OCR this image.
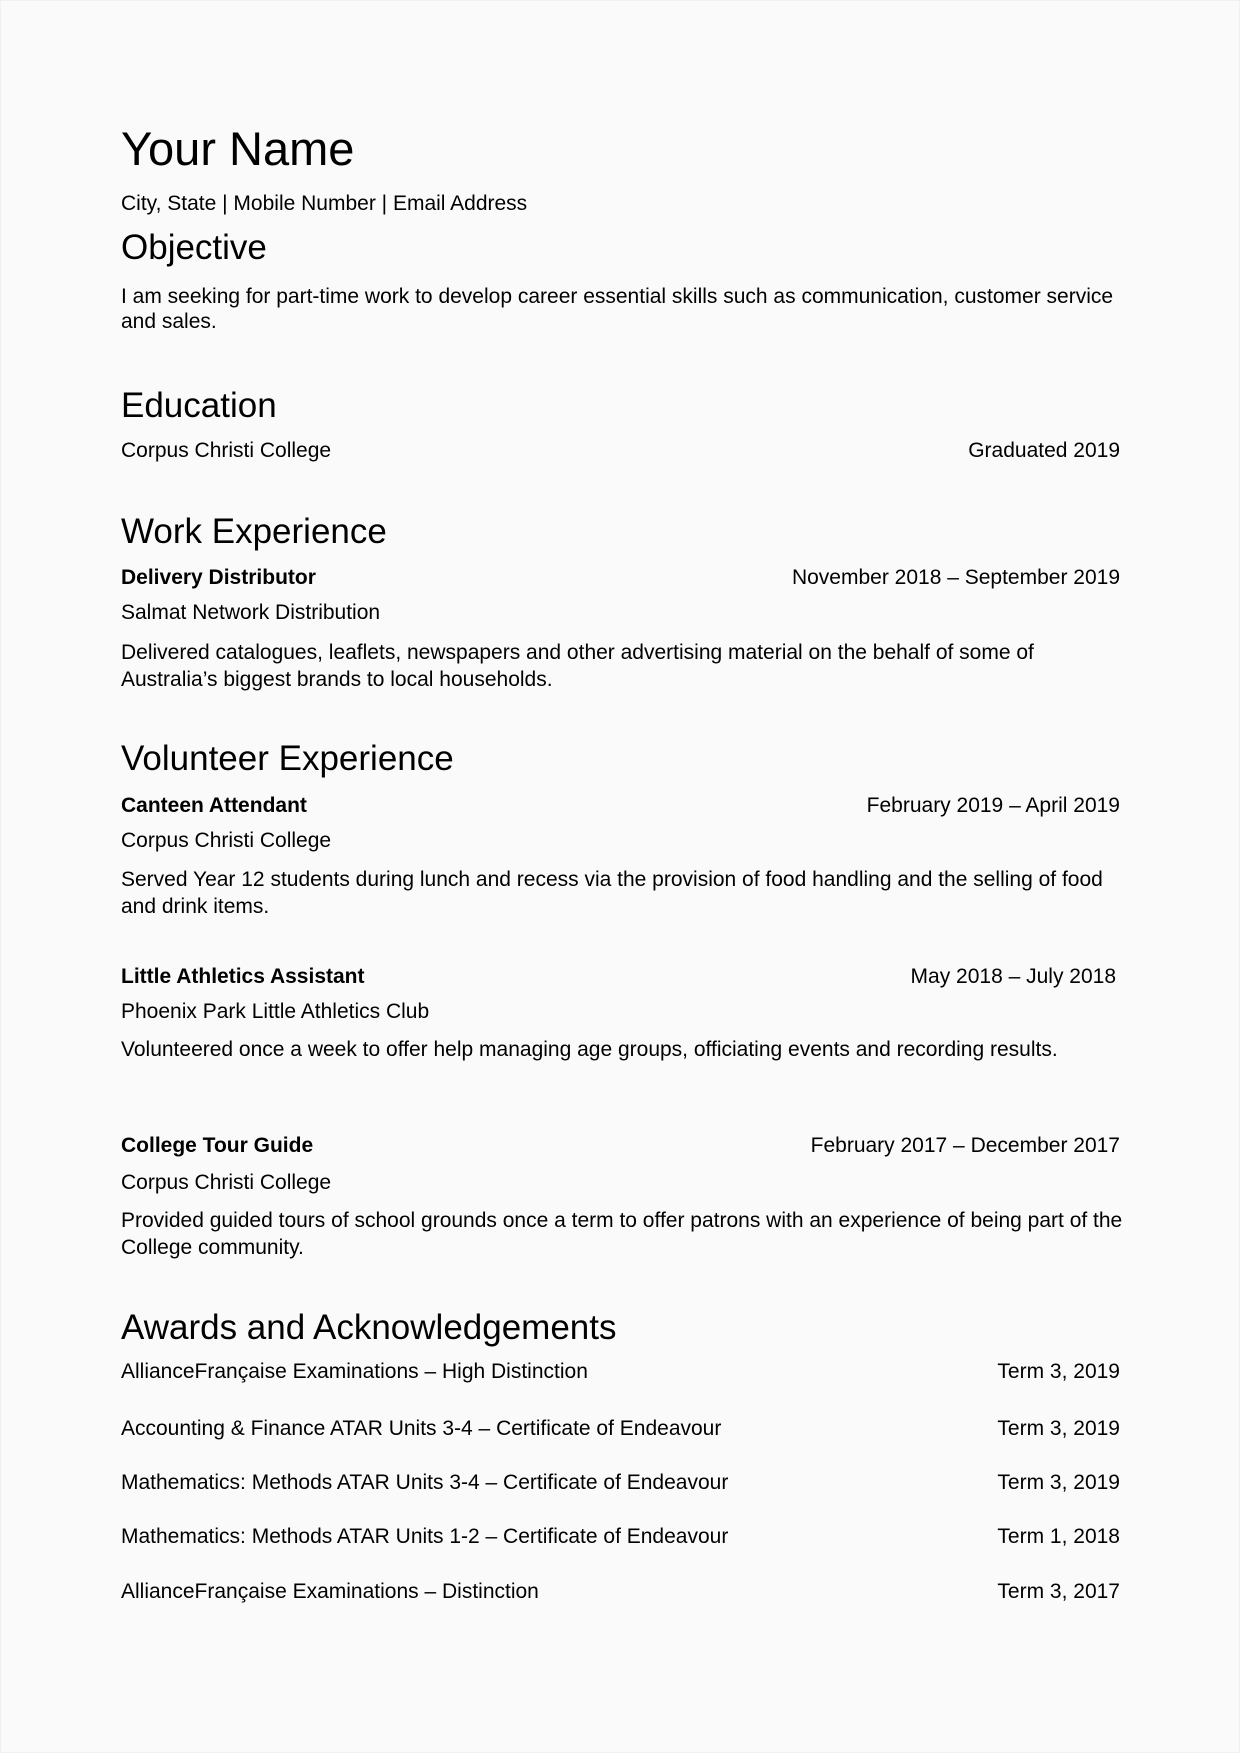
Your Name
City, State | Mobile Number | Email Address
Objective
I am seeking for part-time work to develop career essential skills such as communication, customer service and sales.
Education
Corpus Christi College	Graduated 2019
Work Experience
Delivery Distributor	November 2018 – September 2019
Salmat Network Distribution
Delivered catalogues, leaflets, newspapers and other advertising material on the behalf of some of Australia’s biggest brands to local households.
Volunteer Experience
Canteen Attendant	February 2019 – April 2019
Corpus Christi College
Served Year 12 students during lunch and recess via the provision of food handling and the selling of food and drink items.
Little Athletics Assistant	May 2018 – July 2018
Phoenix Park Little Athletics Club
Volunteered once a week to offer help managing age groups, officiating events and recording results.
College Tour Guide	February 2017 – December 2017
Corpus Christi College
Provided guided tours of school grounds once a term to offer patrons with an experience of being part of the College community.
Awards and Acknowledgements
AllianceFrançaise Examinations – High Distinction	Term 3, 2019
Accounting & Finance ATAR Units 3-4 – Certificate of Endeavour	Term 3, 2019
Mathematics: Methods ATAR Units 3-4 – Certificate of Endeavour	Term 3, 2019
Mathematics: Methods ATAR Units 1-2 – Certificate of Endeavour	Term 1, 2018
AllianceFrançaise Examinations – Distinction	Term 3, 2017
